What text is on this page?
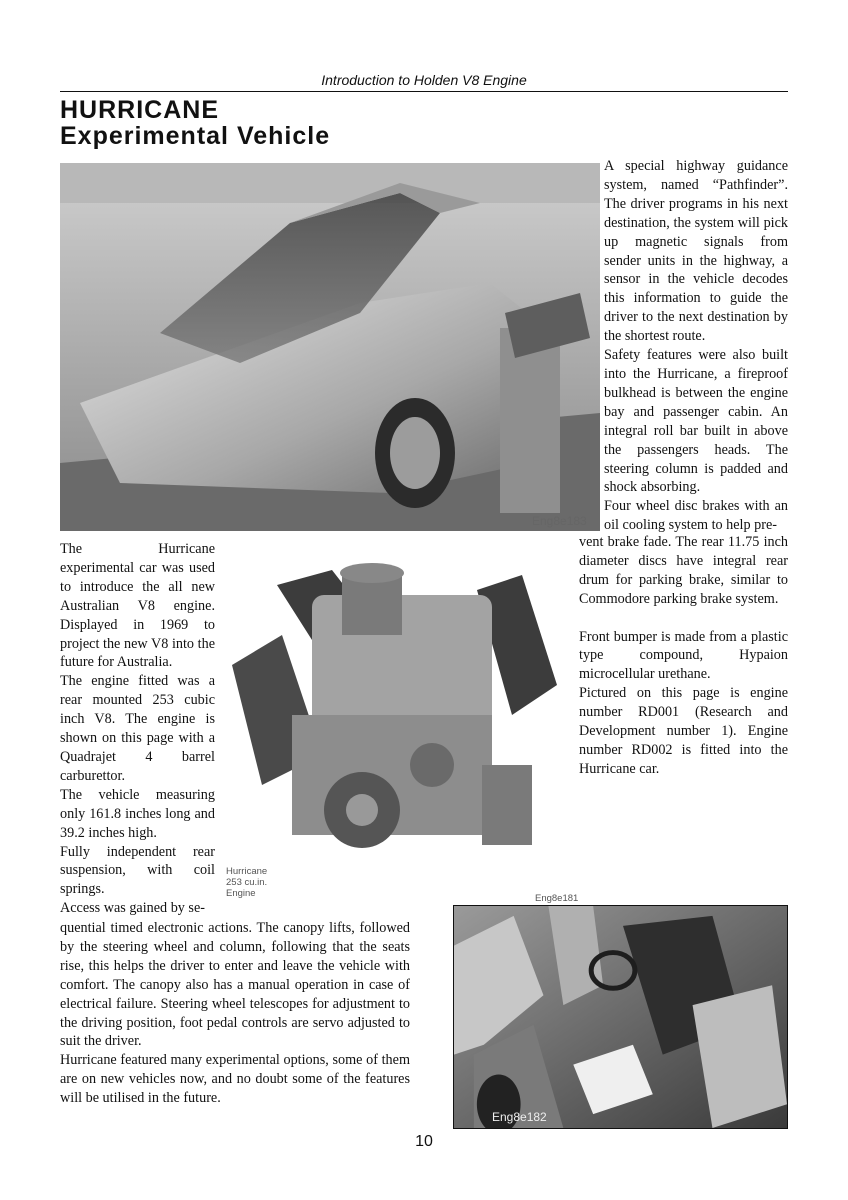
Introduction to Holden V8 Engine
HURRICANE
Experimental Vehicle
Eng8e183
Hurricane
253 cu.in.
Engine	Eng8e181
Eng8e182

A special highway guidance system, named “Pathfinder”. The driver programs in his next destination, the system will pick up magnetic signals from sender units in the highway, a sensor in the vehicle decodes this information to guide the driver to the next destination by the shortest route.

Safety features were also built into the Hurricane, a fireproof bulkhead is between the engine bay and passenger cabin. An integral roll bar built in above the passengers heads. The steering column is padded and shock absorbing.

Four wheel disc brakes with an oil cooling system to help pre-

vent brake fade. The rear 11.75 inch diameter discs have integral rear drum for parking brake, similar to Commodore parking brake system.

Front bumper is made from a plastic type compound, Hypaion microcellular urethane.

Pictured on this page is engine number RD001 (Research and Development number 1). Engine number RD002 is fitted into the Hurricane car.

The Hurricane experimental car was used to introduce the all new Australian V8 engine. Displayed in 1969 to project the new V8 into the future for Australia.

The engine fitted was a rear mounted 253 cubic inch V8. The engine is shown on this page with a Quadrajet 4 barrel carburettor.

The vehicle measuring only 161.8 inches long and 39.2 inches high.

Fully independent rear suspension, with coil springs.

Access was gained by se-

quential timed electronic actions. The canopy lifts, followed by the steering wheel and column, following that the seats rise, this helps the driver to enter and leave the vehicle with comfort. The canopy also has a manual operation in case of electrical failure. Steering wheel telescopes for adjustment to the driving position, foot pedal controls are servo adjusted to suit the driver.

Hurricane featured many experimental options, some of them are on new vehicles now, and no doubt some of the features will be utilised in the future.

10
